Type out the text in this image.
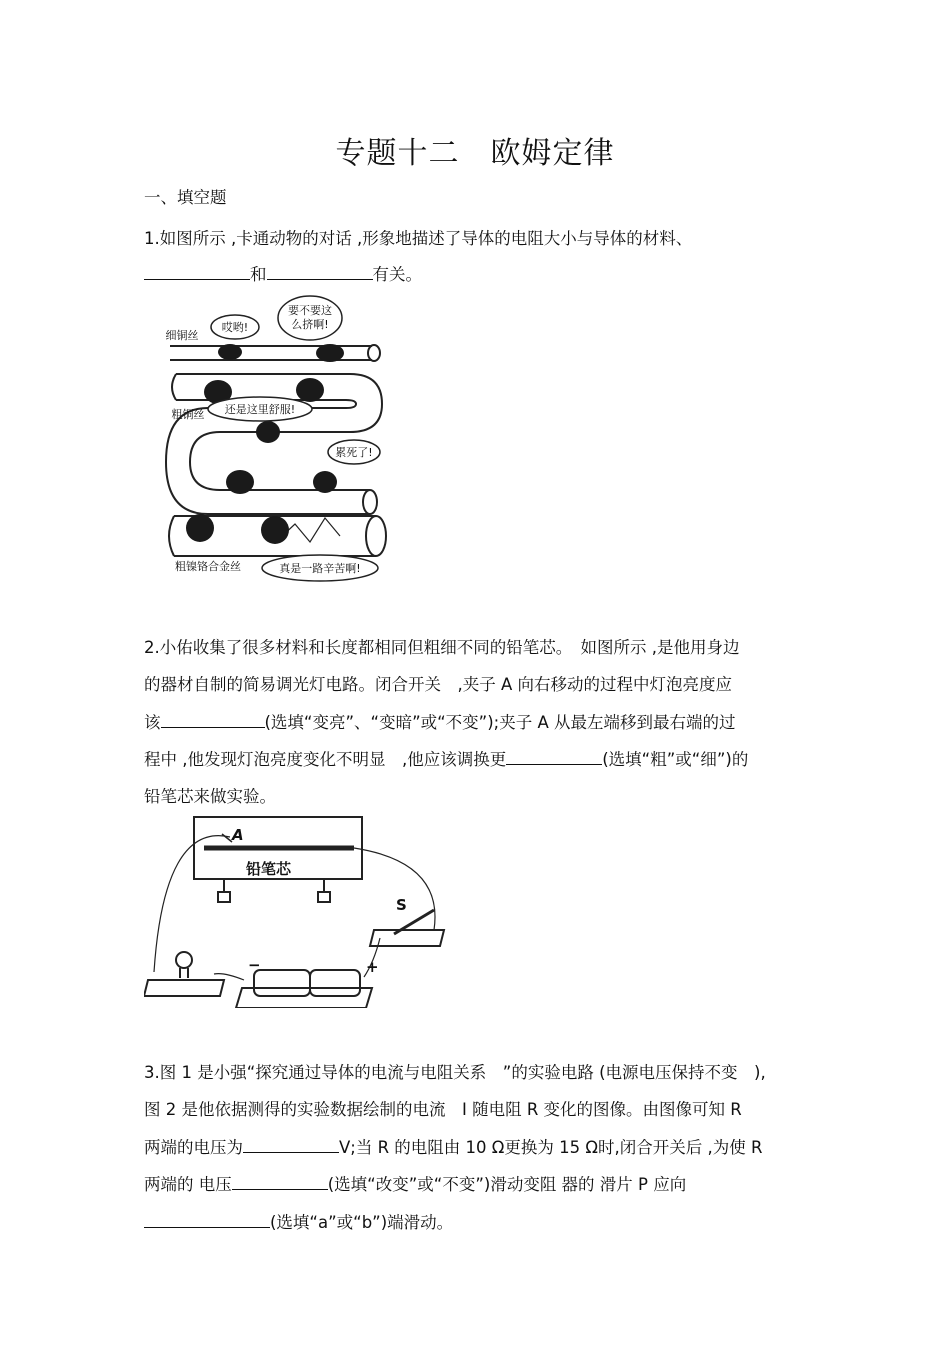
专题十二　欧姆定律
一、填空题
1.如图所示 ,卡通动物的对话 ,形象地描述了导体的电阻大小与导体的材料、
和	有关。
细铜丝
哎哟!
要不要这
么挤啊!
粗铜丝 还是这里舒服!
累死了!
粗镍铬合金丝	真是一路辛苦啊!
2.小佑收集了很多材料和长度都相同但粗细不同的铅笔芯。　如图所示 ,是他用身边
的器材自制的简易调光灯电路。闭合开关　,夹子 A 向右移动的过程中灯泡亮度应
该	(选填“变亮”、“变暗”或“不变”);夹子 A 从最左端移到最右端的过
程中 ,他发现灯泡亮度变化不明显　,他应该调换更	(选填“粗”或“细”)的
铅笔芯来做实验。
A
铅笔芯
S
−	+
3.图 1 是小强“探究通过导体的电流与电阻关系　”的实验电路 (电源电压保持不变　),
图 2 是他依据测得的实验数据绘制的电流　I 随电阻 R 变化的图像。由图像可知 R
两端的电压为	V;当 R 的电阻由 10 Ω更换为 15 Ω时,闭合开关后 ,为使 R
两端的 电压	(选填“改变”或“不变”)滑动变阻 器的 滑片 P 应向
(选填“a”或“b”)端滑动。
